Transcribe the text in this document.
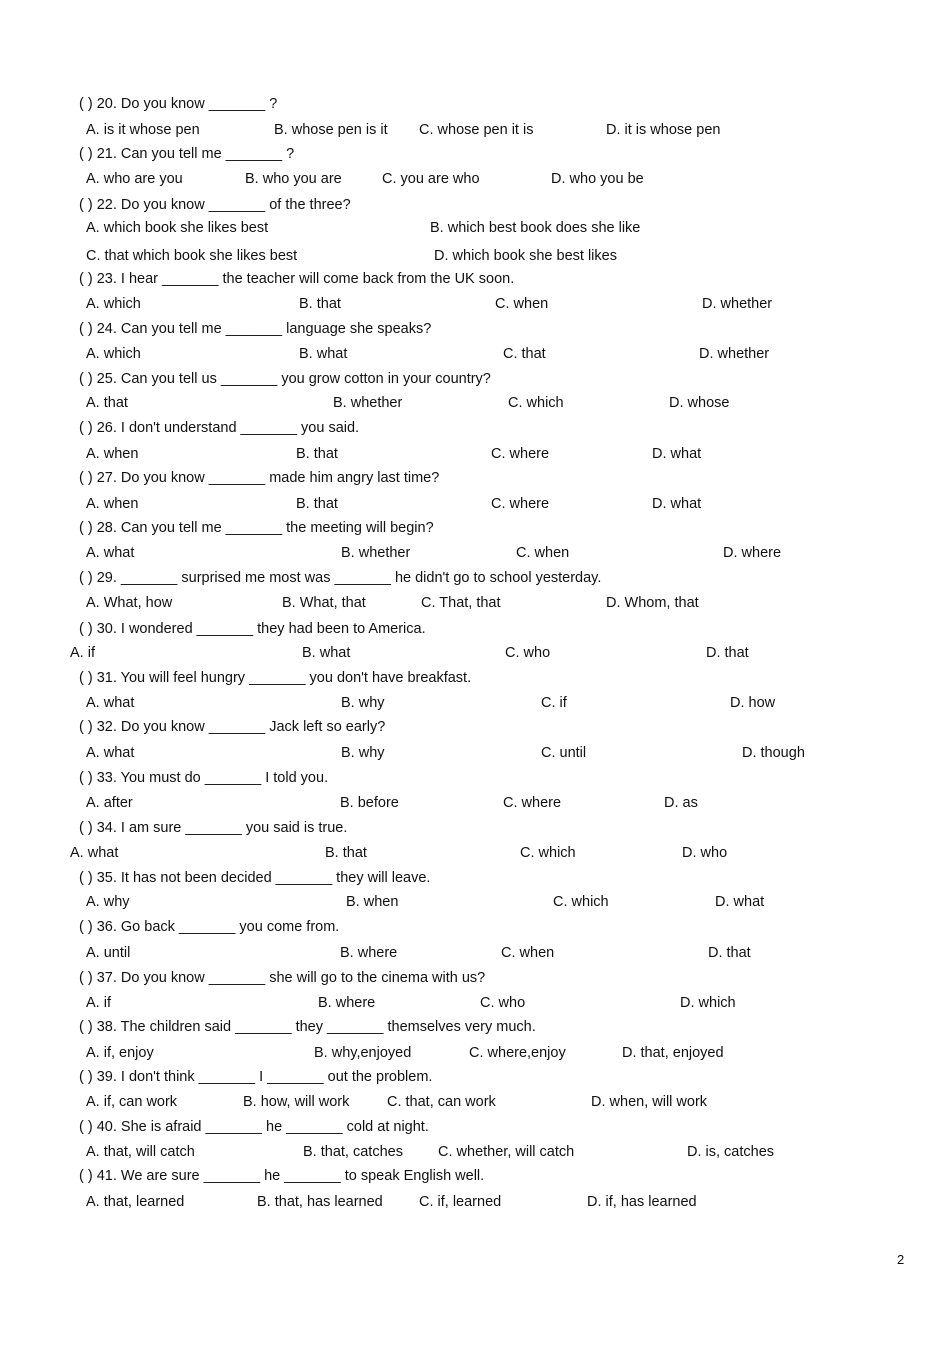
( ) 20. Do you know _______ ?
A. is it whose pen	B. whose pen is it C. whose pen it is	D. it is whose pen
( ) 21. Can you tell me _______ ?
A. who are you	B. who you are	C. you are who	D. who you be
( ) 22. Do you know _______ of the three?
A. which book she likes best	B. which best book does she like
C. that which book she likes best	D. which book she best likes
( ) 23. I hear _______ the teacher will come back from the UK soon.
A. which	B. that	C. when	D. whether
( ) 24. Can you tell me _______ language she speaks?
A. which	B. what	C. that	D. whether
( ) 25. Can you tell us _______ you grow cotton in your country?
A. that	B. whether	C. which	D. whose
( ) 26. I don't understand _______ you said.
A. when	B. that	C. where	D. what
( ) 27. Do you know _______ made him angry last time?
A. when	B. that	C. where	D. what
( ) 28. Can you tell me _______ the meeting will begin?
A. what	B. whether	C. when	D. where
( ) 29. _______ surprised me most was _______ he didn't go to school yesterday.
A. What, how	B. What, that	C. That, that	D. Whom, that
( ) 30. I wondered _______ they had been to America.
A. if	B. what	C. who	D. that
( ) 31. You will feel hungry _______ you don't have breakfast.
A. what	B. why	C. if	D. how
( ) 32. Do you know _______ Jack left so early?
A. what	B. why	C. until	D. though
( ) 33. You must do _______ I told you.
A. after	B. before	C. where	D. as
( ) 34. I am sure _______ you said is true.
A. what	B. that	C. which	D. who
( ) 35. It has not been decided _______ they will leave.
A. why	B. when	C. which	D. what
( ) 36. Go back _______ you come from.
A. until	B. where	C. when	D. that
( ) 37. Do you know _______ she will go to the cinema with us?
A. if	B. where	C. who	D. which
( ) 38. The children said _______ they _______ themselves very much.
A. if, enjoy	B. why,enjoyed	C. where,enjoy	D. that, enjoyed
( ) 39. I don't think _______ I _______ out the problem.
A. if, can work	B. how, will work	C. that, can work	D. when, will work
( ) 40. She is afraid _______ he _______ cold at night.
A. that, will catch	B. that, catches C. whether, will catch	D. is, catches
( ) 41. We are sure _______ he _______ to speak English well.
A. that, learned	B. that, has learned	C. if, learned	D. if, has learned
2
